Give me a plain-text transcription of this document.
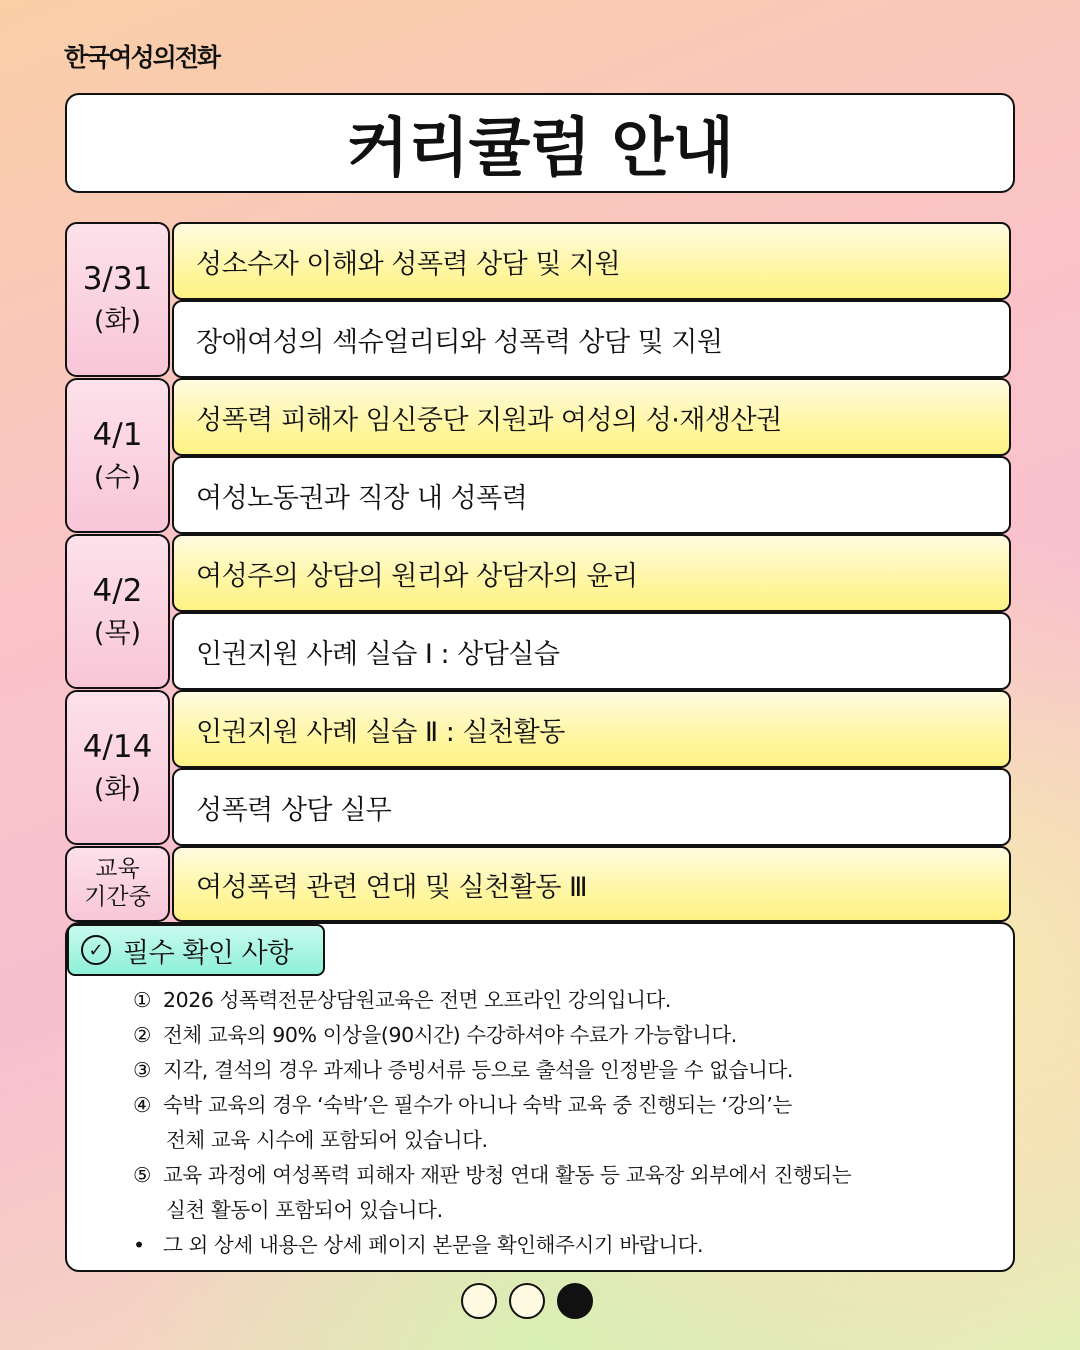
한국여성의전화
커리큘럼 안내
3/31
(화)
성소수자 이해와 성폭력 상담 및 지원
장애여성의 섹슈얼리티와 성폭력 상담 및 지원
4/1
(수)
성폭력 피해자 임신중단 지원과 여성의 성·재생산권
여성노동권과 직장 내 성폭력
4/2
(목)
여성주의 상담의 원리와 상담자의 윤리
인권지원 사례 실습 Ⅰ : 상담실습
4/14
(화)
인권지원 사례 실습 Ⅱ : 실천활동
성폭력 상담 실무
교육
기간중 여성폭력 관련 연대 및 실천활동 Ⅲ
✓ 필수 확인 사항
① 2026 성폭력전문상담원교육은 전면 오프라인 강의입니다.
② 전체 교육의 90% 이상을(90시간) 수강하셔야 수료가 가능합니다.
③ 지각, 결석의 경우 과제나 증빙서류 등으로 출석을 인정받을 수 없습니다.
④ 숙박 교육의 경우 ‘숙박’은 필수가 아니나 숙박 교육 중 진행되는 ‘강의’는
전체 교육 시수에 포함되어 있습니다.
⑤ 교육 과정에 여성폭력 피해자 재판 방청 연대 활동 등 교육장 외부에서 진행되는
실천 활동이 포함되어 있습니다.
• 그 외 상세 내용은 상세 페이지 본문을 확인해주시기 바랍니다.
